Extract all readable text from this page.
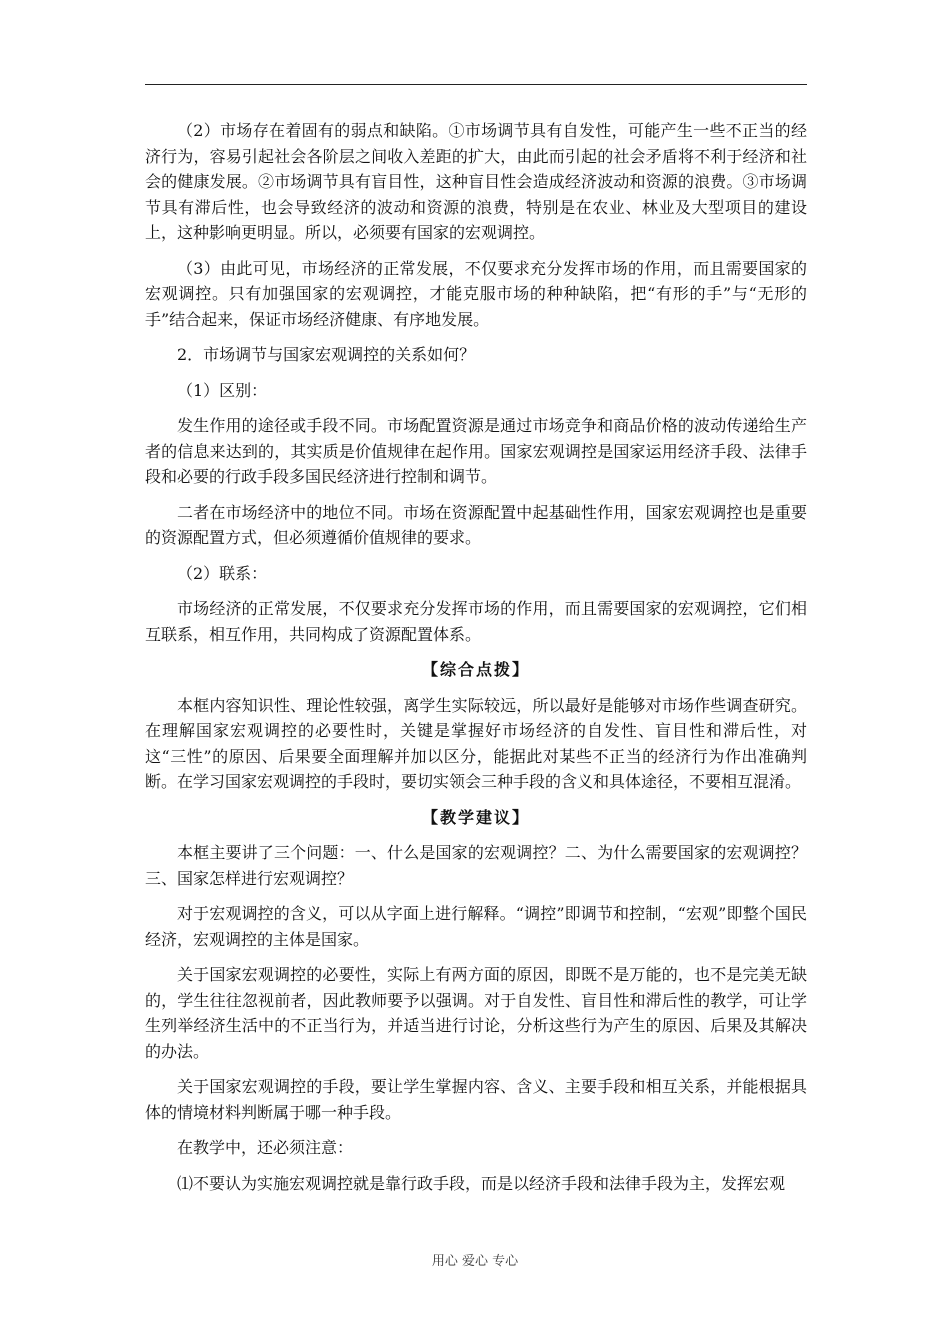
（2）市场存在着固有的弱点和缺陷。①市场调节具有自发性，可能产生一些不正当的经济行为，容易引起社会各阶层之间收入差距的扩大，由此而引起的社会矛盾将不利于经济和社会的健康发展。②市场调节具有盲目性，这种盲目性会造成经济波动和资源的浪费。③市场调节具有滞后性，也会导致经济的波动和资源的浪费，特别是在农业、林业及大型项目的建设上，这种影响更明显。所以，必须要有国家的宏观调控。

（3）由此可见，市场经济的正常发展，不仅要求充分发挥市场的作用，而且需要国家的宏观调控。只有加强国家的宏观调控，才能克服市场的种种缺陷，把“有形的手”与“无形的手”结合起来，保证市场经济健康、有序地发展。

2．市场调节与国家宏观调控的关系如何？

（1）区别：

发生作用的途径或手段不同。市场配置资源是通过市场竞争和商品价格的波动传递给生产者的信息来达到的，其实质是价值规律在起作用。国家宏观调控是国家运用经济手段、法律手段和必要的行政手段多国民经济进行控制和调节。

二者在市场经济中的地位不同。市场在资源配置中起基础性作用，国家宏观调控也是重要的资源配置方式，但必须遵循价值规律的要求。

（2）联系：

市场经济的正常发展，不仅要求充分发挥市场的作用，而且需要国家的宏观调控，它们相互联系，相互作用，共同构成了资源配置体系。

【综合点拨】

本框内容知识性、理论性较强，离学生实际较远，所以最好是能够对市场作些调查研究。在理解国家宏观调控的必要性时，关键是掌握好市场经济的自发性、盲目性和滞后性，对这“三性”的原因、后果要全面理解并加以区分，能据此对某些不正当的经济行为作出准确判断。在学习国家宏观调控的手段时，要切实领会三种手段的含义和具体途径，不要相互混淆。

【教学建议】

本框主要讲了三个问题：一、什么是国家的宏观调控？二、为什么需要国家的宏观调控？三、国家怎样进行宏观调控？

对于宏观调控的含义，可以从字面上进行解释。“调控”即调节和控制，“宏观”即整个国民经济，宏观调控的主体是国家。

关于国家宏观调控的必要性，实际上有两方面的原因，即既不是万能的，也不是完美无缺的，学生往往忽视前者，因此教师要予以强调。对于自发性、盲目性和滞后性的教学，可让学生列举经济生活中的不正当行为，并适当进行讨论，分析这些行为产生的原因、后果及其解决的办法。

关于国家宏观调控的手段，要让学生掌握内容、含义、主要手段和相互关系，并能根据具体的情境材料判断属于哪一种手段。

在教学中，还必须注意：

⑴不要认为实施宏观调控就是靠行政手段，而是以经济手段和法律手段为主，发挥宏观

用心 爱心 专心
